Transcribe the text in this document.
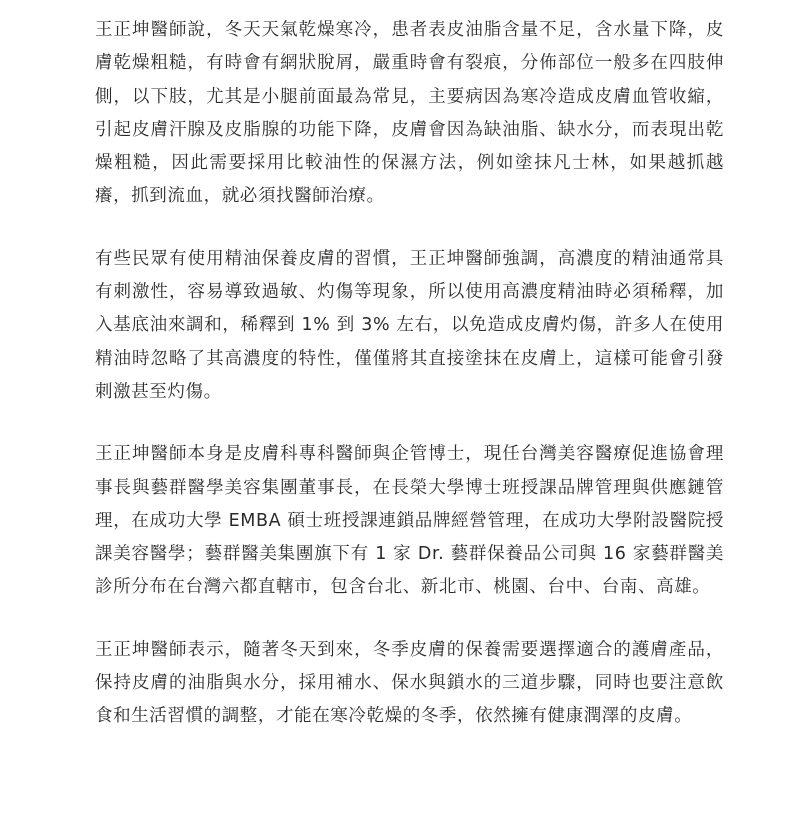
王正坤醫師說，冬天天氣乾燥寒冷，患者表皮油脂含量不足，含水量下降，皮膚乾燥粗糙，有時會有網狀脫屑，嚴重時會有裂痕，分佈部位一般多在四肢伸側，以下肢，尤其是小腿前面最為常見，主要病因為寒冷造成皮膚血管收縮，引起皮膚汗腺及皮脂腺的功能下降，皮膚會因為缺油脂、缺水分，而表現出乾燥粗糙，因此需要採用比較油性的保濕方法，例如塗抹凡士林，如果越抓越癢，抓到流血，就必須找醫師治療。

有些民眾有使用精油保養皮膚的習慣，王正坤醫師強調，高濃度的精油通常具有刺激性，容易導致過敏、灼傷等現象，所以使用高濃度精油時必須稀釋，加入基底油來調和，稀釋到 1% 到 3% 左右，以免造成皮膚灼傷，許多人在使用精油時忽略了其高濃度的特性，僅僅將其直接塗抹在皮膚上，這樣可能會引發刺激甚至灼傷。

王正坤醫師本身是皮膚科專科醫師與企管博士，現任台灣美容醫療促進協會理事長與藝群醫學美容集團董事長，在長榮大學博士班授課品牌管理與供應鏈管理，在成功大學 EMBA 碩士班授課連鎖品牌經營管理，在成功大學附設醫院授課美容醫學；藝群醫美集團旗下有 1 家 Dr. 藝群保養品公司與 16 家藝群醫美診所分布在台灣六都直轄市，包含台北、新北市、桃園、台中、台南、高雄。

王正坤醫師表示，隨著冬天到來，冬季皮膚的保養需要選擇適合的護膚產品，保持皮膚的油脂與水分，採用補水、保水與鎖水的三道步驟，同時也要注意飲食和生活習慣的調整，才能在寒冷乾燥的冬季，依然擁有健康潤澤的皮膚。
